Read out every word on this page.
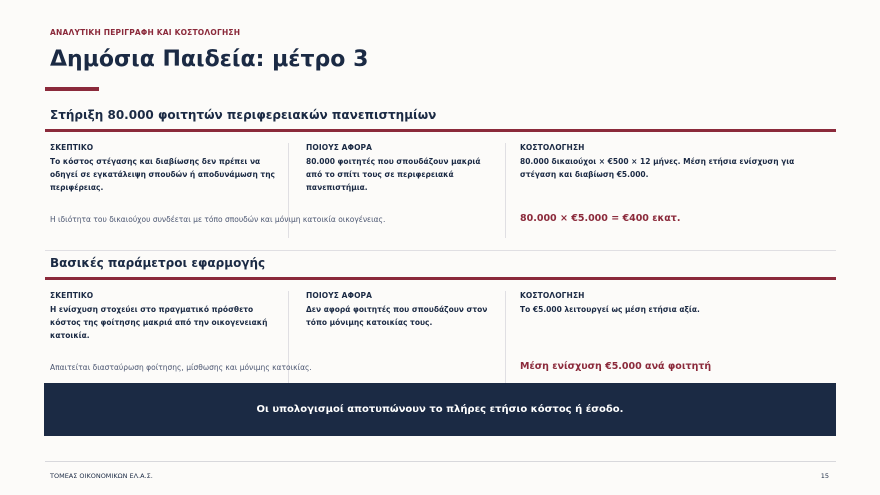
ΑΝΑΛΥΤΙΚΗ ΠΕΡΙΓΡΑΦΗ ΚΑΙ ΚΟΣΤΟΛΟΓΗΣΗ
Δημόσια Παιδεία: μέτρο 3
Στήριξη 80.000 φοιτητών περιφερειακών πανεπιστημίων
ΣΚΕΠΤΙΚΟ
Το κόστος στέγασης και διαβίωσης δεν πρέπει να οδηγεί σε εγκατάλειψη σπουδών ή αποδυνάμωση της περιφέρειας.
ΠΟΙΟΥΣ ΑΦΟΡΑ
80.000 φοιτητές που σπουδάζουν μακριά από το σπίτι τους σε περιφερειακά πανεπιστήμια.
ΚΟΣΤΟΛΟΓΗΣΗ
80.000 δικαιούχοι × €500 × 12 μήνες. Μέση ετήσια ενίσχυση για στέγαση και διαβίωση €5.000.
Η ιδιότητα του δικαιούχου συνδέεται με τόπο σπουδών και μόνιμη κατοικία οικογένειας.	80.000 × €5.000 = €400 εκατ.
Βασικές παράμετροι εφαρμογής
ΣΚΕΠΤΙΚΟ
Η ενίσχυση στοχεύει στο πραγματικό πρόσθετο κόστος της φοίτησης μακριά από την οικογενειακή κατοικία.
ΠΟΙΟΥΣ ΑΦΟΡΑ
Δεν αφορά φοιτητές που σπουδάζουν στον τόπο μόνιμης κατοικίας τους.
ΚΟΣΤΟΛΟΓΗΣΗ
Το €5.000 λειτουργεί ως μέση ετήσια αξία.
Απαιτείται διασταύρωση φοίτησης, μίσθωσης και μόνιμης κατοικίας.	Μέση ενίσχυση €5.000 ανά φοιτητή
Οι υπολογισμοί αποτυπώνουν το πλήρες ετήσιο κόστος ή έσοδο.
ΤΟΜΕΑΣ ΟΙΚΟΝΟΜΙΚΩΝ ΕΛ.Α.Σ.	15
